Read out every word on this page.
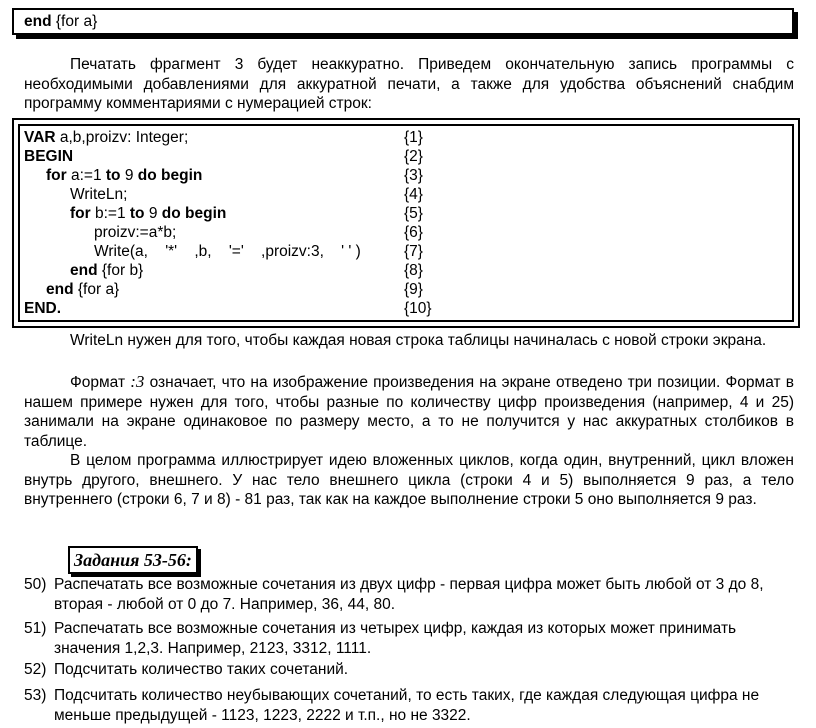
end {for a}
Печатать фрагмент 3 будет неаккуратно. Приведем окончательную запись программы с необходимыми добавлениями для аккуратной печати, а также для удобства объяснений снабдим программу комментариями с нумерацией строк:
VAR a,b,proizv: Integer;	{1}
BEGIN	{2}
for a:=1 to 9 do begin	{3}
WriteLn;	{4}
for b:=1 to 9 do begin	{5}
proizv:=a*b;	{6}
Write(a,    '*'    ,b,    '='    ,proizv:3,    ' ' )	{7}
end {for b}	{8}
end {for a}	{9}
END.	{10}
WriteLn нужен для того, чтобы каждая новая строка таблицы начиналась с новой строки экрана.
Формат :3 означает, что на изображение произведения на экране отведено три позиции. Формат в нашем примере нужен для того, чтобы разные по количеству цифр произведения (например, 4 и 25) занимали на экране одинаковое по размеру место, а то не получится у нас аккуратных столбиков в таблице.
В целом программа иллюстрирует идею вложенных циклов, когда один, внутренний, цикл вложен внутрь другого, внешнего. У нас тело внешнего цикла (строки 4 и 5) выполняется 9 раз, а тело внутреннего (строки 6, 7 и 8) - 81 раз, так как на каждое выполнение строки 5 оно выполняется 9 раз.
Задания 53-56:
50) Распечатать все возможные сочетания из двух цифр - первая цифра может быть любой от 3 до 8, вторая - любой от 0 до 7. Например, 36, 44, 80.
51) Распечатать все возможные сочетания из четырех цифр, каждая из которых может принимать значения 1,2,3. Например, 2123, 3312, 1111.
52) Подсчитать количество таких сочетаний.
53) Подсчитать количество неубывающих сочетаний, то есть таких, где каждая следующая цифра не меньше предыдущей - 1123, 1223, 2222 и т.п., но не 3322.
